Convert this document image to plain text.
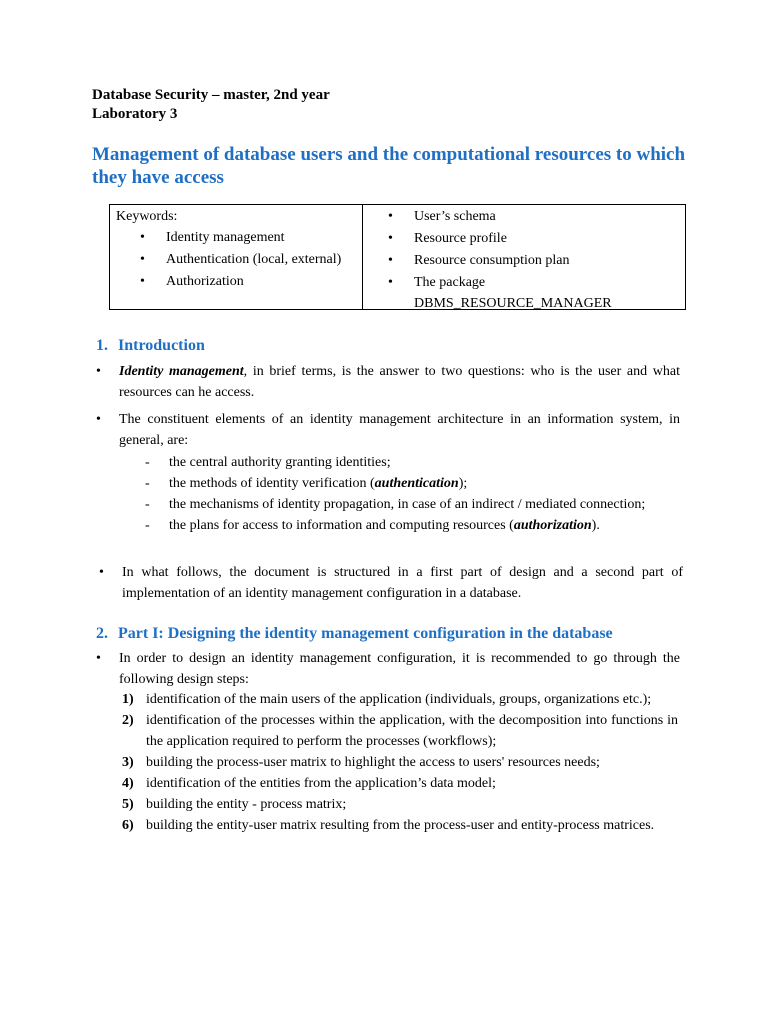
Database Security – master, 2nd year
Laboratory 3
Management of database users and the computational resources to which they have access
Keywords:
• Identity management
• Authentication (local, external)
• Authorization
• User’s schema
• Resource profile
• Resource consumption plan
• The package
DBMS_RESOURCE_MANAGER
1. Introduction
• Identity management, in brief terms, is the answer to two questions: who is the user and what resources can he access.
• The constituent elements of an identity management architecture in an information system, in general, are:
- the central authority granting identities;
- the methods of identity verification (authentication);
- the mechanisms of identity propagation, in case of an indirect / mediated connection;
- the plans for access to information and computing resources (authorization).
• In what follows, the document is structured in a first part of design and a second part of implementation of an identity management configuration in a database.
2. Part I: Designing the identity management configuration in the database
• In order to design an identity management configuration, it is recommended to go through the following design steps:
1) identification of the main users of the application (individuals, groups, organizations etc.);
2) identification of the processes within the application, with the decomposition into functions in the application required to perform the processes (workflows);
3) building the process-user matrix to highlight the access to users' resources needs;
4) identification of the entities from the application’s data model;
5) building the entity - process matrix;
6) building the entity-user matrix resulting from the process-user and entity-process matrices.
